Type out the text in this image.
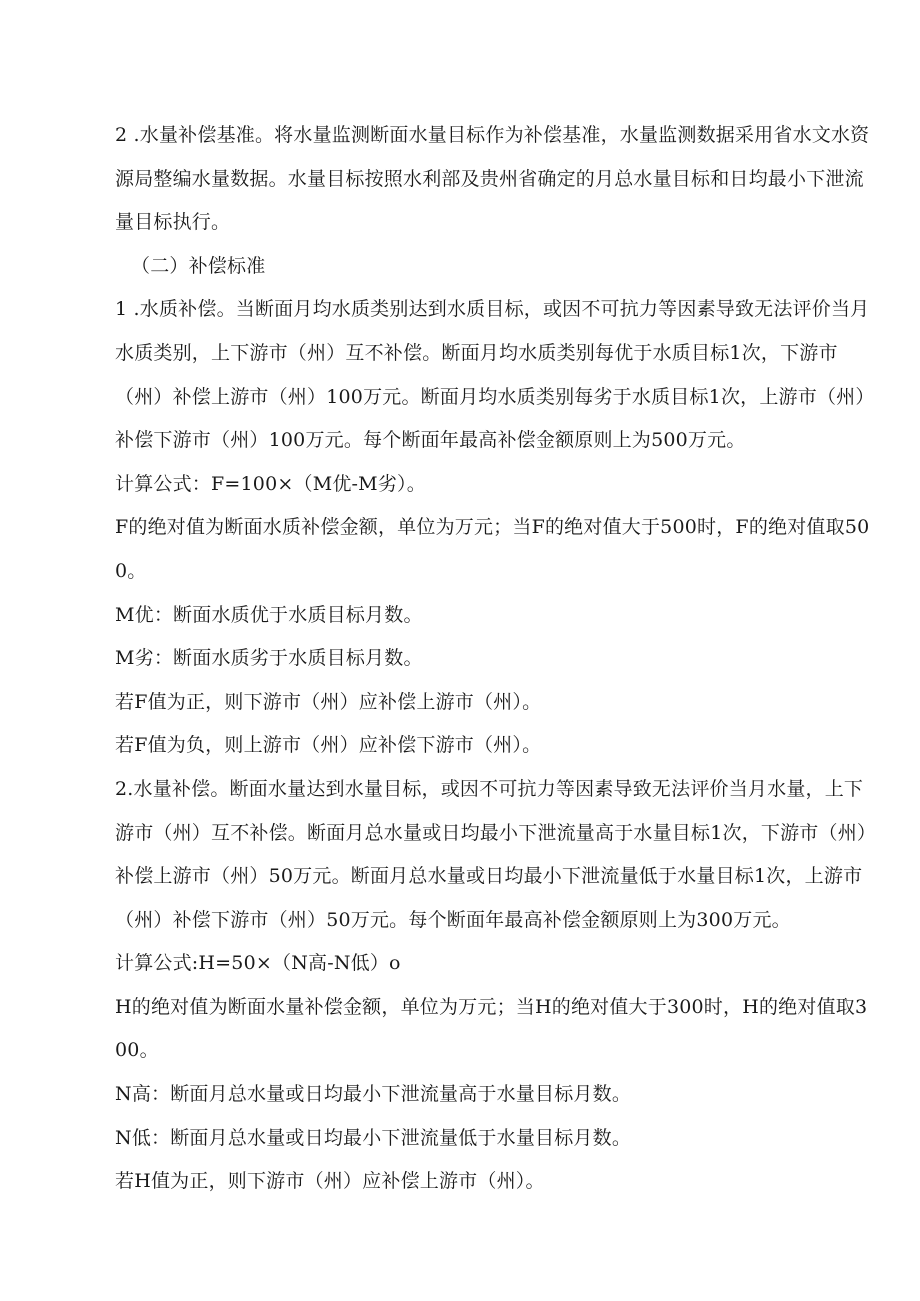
2 .水量补偿基准。将水量监测断面水量目标作为补偿基准，水量监测数据采用省水文水资源局整编水量数据。水量目标按照水利部及贵州省确定的月总水量目标和日均最小下泄流量目标执行。

（二）补偿标准

1 .水质补偿。当断面月均水质类别达到水质目标，或因不可抗力等因素导致无法评价当月水质类别，上下游市（州）互不补偿。断面月均水质类别每优于水质目标1次，下游市（州）补偿上游市（州）100万元。断面月均水质类别每劣于水质目标1次，上游市（州）补偿下游市（州）100万元。每个断面年最高补偿金额原则上为500万元。

计算公式：F=100×（M优-M劣）。

F的绝对值为断面水质补偿金额，单位为万元；当F的绝对值大于500时，F的绝对值取500。

M优：断面水质优于水质目标月数。

M劣：断面水质劣于水质目标月数。

若F值为正，则下游市（州）应补偿上游市（州）。

若F值为负，则上游市（州）应补偿下游市（州）。

2.水量补偿。断面水量达到水量目标，或因不可抗力等因素导致无法评价当月水量，上下游市（州）互不补偿。断面月总水量或日均最小下泄流量高于水量目标1次，下游市（州）补偿上游市（州）50万元。断面月总水量或日均最小下泄流量低于水量目标1次，上游市（州）补偿下游市（州）50万元。每个断面年最高补偿金额原则上为300万元。

计算公式:H=50×（N高-N低）o

H的绝对值为断面水量补偿金额，单位为万元；当H的绝对值大于300时，H的绝对值取300。

N高：断面月总水量或日均最小下泄流量高于水量目标月数。

N低：断面月总水量或日均最小下泄流量低于水量目标月数。

若H值为正，则下游市（州）应补偿上游市（州）。
